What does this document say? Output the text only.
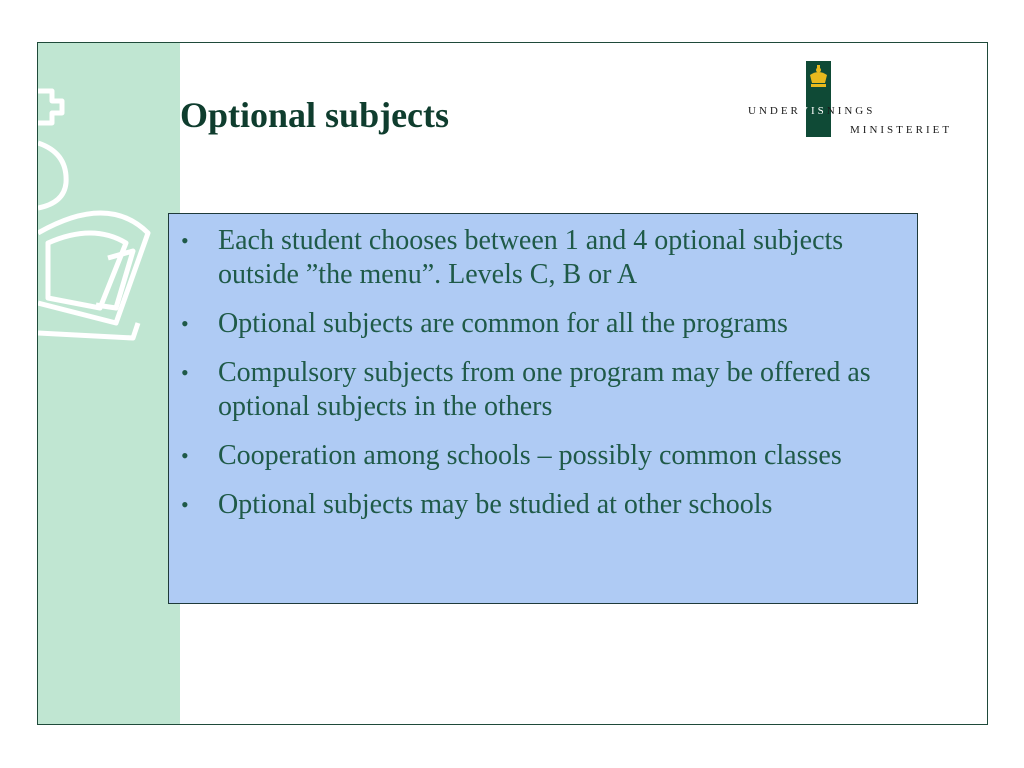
UNDERVISNINGS
MINISTERIET
Optional subjects
• Each student chooses between 1 and 4 optional subjects outside ”the menu”. Levels C, B or A
• Optional subjects are common for all the programs
• Compulsory subjects from one program may be offered as optional subjects in the others
• Cooperation among schools – possibly common classes
• Optional subjects may be studied at other schools
